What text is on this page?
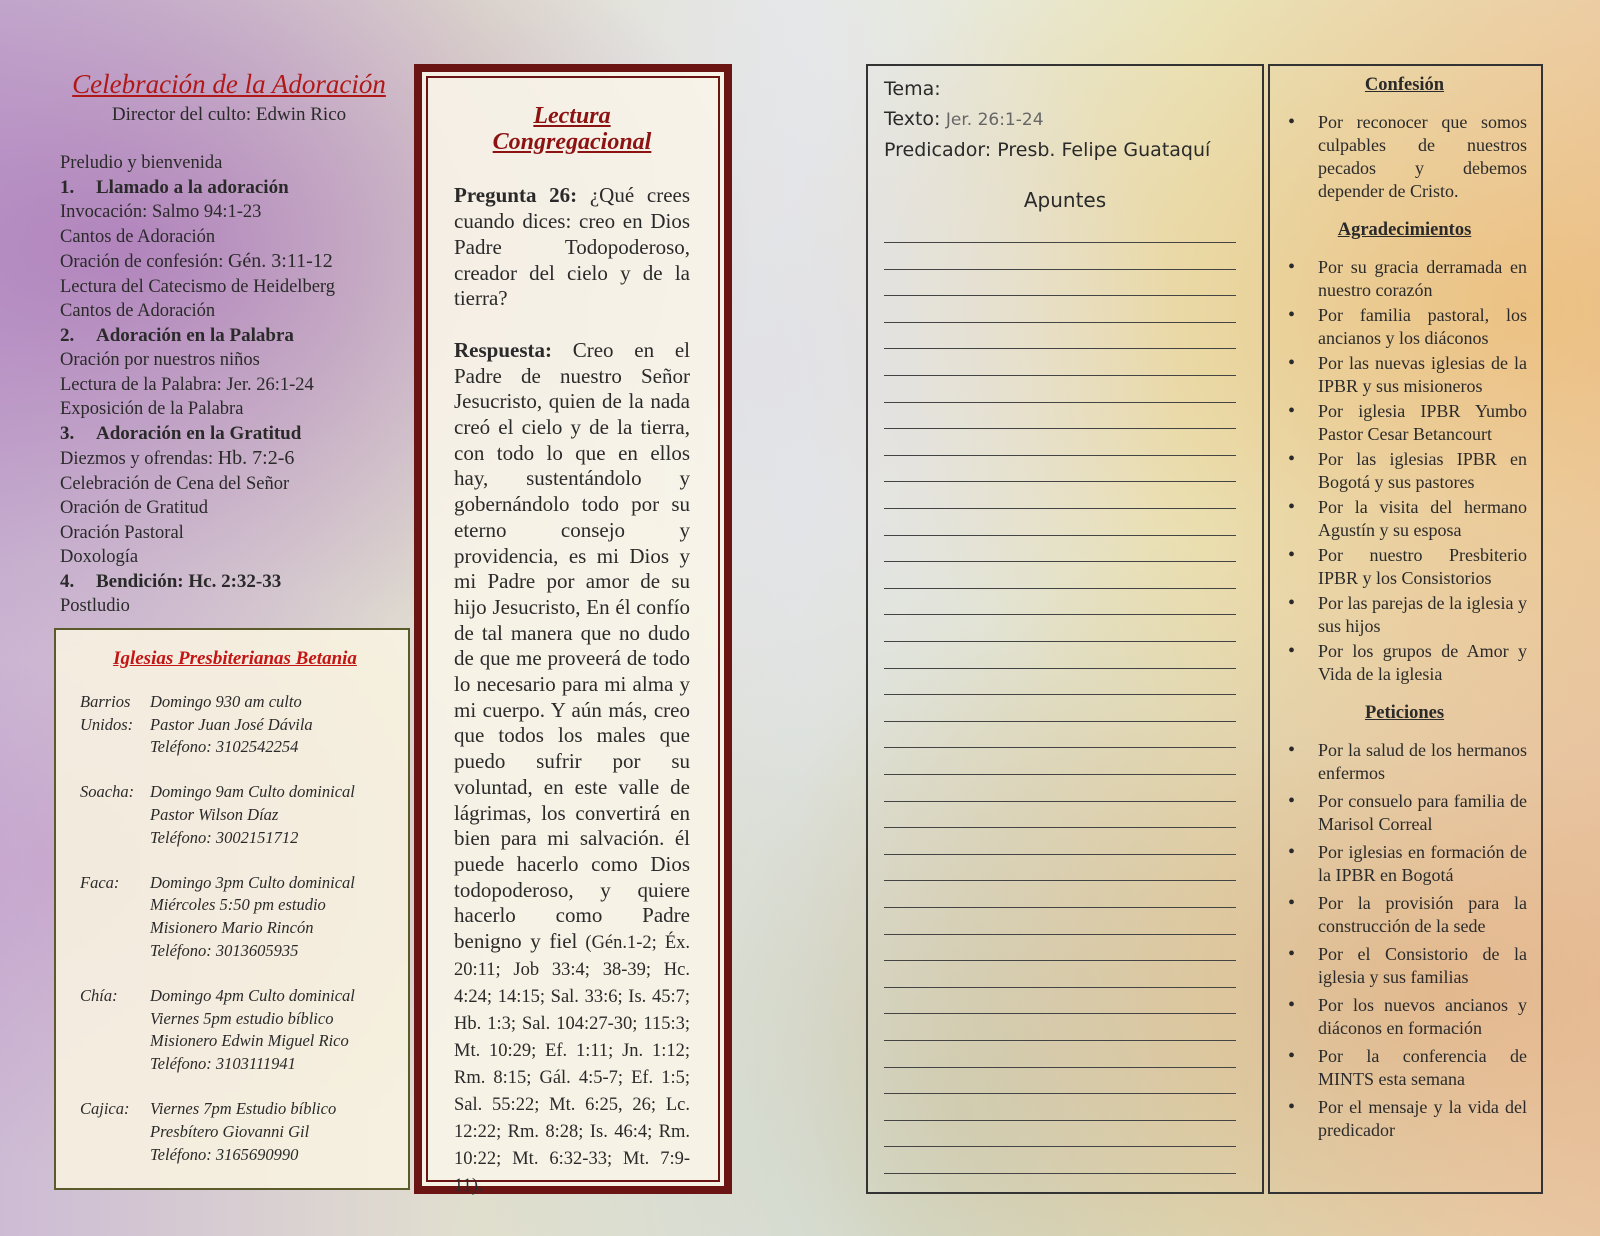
Celebración de la Adoración
Director del culto: Edwin Rico
Preludio y bienvenida
1. Llamado a la adoración
Invocación: Salmo 94:1-23
Cantos de Adoración
Oración de confesión: Gén. 3:11-12
Lectura del Catecismo de Heidelberg
Cantos de Adoración
2. Adoración en la Palabra
Oración por nuestros niños
Lectura de la Palabra: Jer. 26:1-24
Exposición de la Palabra
3. Adoración en la Gratitud
Diezmos y ofrendas: Hb. 7:2-6
Celebración de Cena del Señor
Oración de Gratitud
Oración Pastoral
Doxología
4. Bendición: Hc. 2:32-33
Postludio
Iglesias Presbiterianas Betania
Barrios Unidos:
Domingo 930 am culto
Pastor Juan José Dávila
Teléfono: 3102542254
Soacha: Domingo 9am Culto dominical
Pastor Wilson Díaz
Teléfono: 3002151712
Faca:	Domingo 3pm Culto dominical
Miércoles 5:50 pm estudio
Misionero Mario Rincón
Teléfono: 3013605935
Chía:	Domingo 4pm Culto dominical
Viernes 5pm estudio bíblico
Misionero Edwin Miguel Rico
Teléfono: 3103111941
Cajica:	Viernes 7pm Estudio bíblico
Presbítero Giovanni Gil
Teléfono: 3165690990
Lectura Congregacional
Pregunta 26: ¿Qué crees cuando dices: creo en Dios Padre Todopoderoso, creador del cielo y de la tierra?
Respuesta: Creo en el Padre de nuestro Señor Jesucristo, quien de la nada creó el cielo y de la tierra, con todo lo que en ellos hay, sustentándolo y gobernándolo todo por su eterno consejo y providencia, es mi Dios y mi Padre por amor de su hijo Jesucristo, En él confío de tal manera que no dudo de que me proveerá de todo lo necesario para mi alma y mi cuerpo. Y aún más, creo que todos los males que puedo sufrir por su voluntad, en este valle de lágrimas, los convertirá en bien para mi salvación. él puede hacerlo como Dios todopoderoso, y quiere hacerlo como Padre benigno y fiel (Gén.1-2; Éx. 20:11; Job 33:4; 38-39; Hc. 4:24; 14:15; Sal. 33:6; Is. 45:7; Hb. 1:3; Sal. 104:27-30; 115:3; Mt. 10:29; Ef. 1:11; Jn. 1:12; Rm. 8:15; Gál. 4:5-7; Ef. 1:5; Sal. 55:22; Mt. 6:25, 26; Lc. 12:22; Rm. 8:28; Is. 46:4; Rm. 10:22; Mt. 6:32-33; Mt. 7:9-11).
Tema:
Texto: Jer. 26:1-24
Predicador: Presb. Felipe Guataquí
Apuntes
Confesión
• Por reconocer que somos culpables de nuestros pecados y debemos depender de Cristo.
Agradecimientos
• Por su gracia derramada en nuestro corazón
• Por familia pastoral, los ancianos y los diáconos
• Por las nuevas iglesias de la IPBR y sus misioneros
• Por iglesia IPBR Yumbo Pastor Cesar Betancourt
• Por las iglesias IPBR en Bogotá y sus pastores
• Por la visita del hermano Agustín y su esposa
• Por nuestro Presbiterio IPBR y los Consistorios
• Por las parejas de la iglesia y sus hijos
• Por los grupos de Amor y Vida de la iglesia
Peticiones
• Por la salud de los hermanos enfermos
• Por consuelo para familia de Marisol Correal
• Por iglesias en formación de la IPBR en Bogotá
• Por la provisión para la construcción de la sede
• Por el Consistorio de la iglesia y sus familias
• Por los nuevos ancianos y diáconos en formación
• Por la conferencia de MINTS esta semana
• Por el mensaje y la vida del predicador
